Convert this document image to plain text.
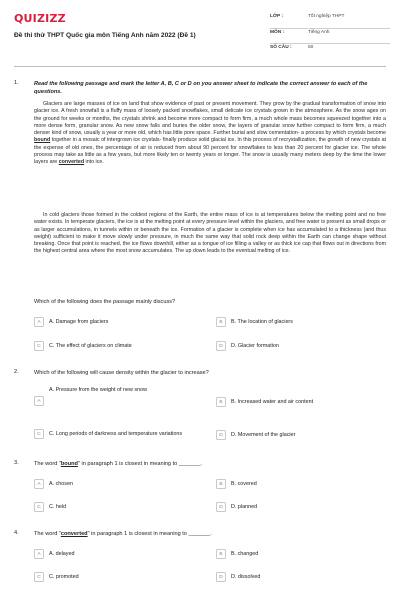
QUIZIZZ
Đề thi thử THPT Quốc gia môn Tiếng Anh năm 2022 (Đề 1)
LỚP :	Tốt nghiệp THPT
MÔN :	Tiếng Anh
SỐ CÂU :	50
1.	Read the following passage and mark the letter A, B, C or D on you answer sheet to indicate the correct answer to each of the questions.
Glaciers are large masses of ice on land that show evidence of past or present movement. They grow by the gradual transformation of snow into glacier ice. A fresh snowfall is a fluffy mass of loosely packed snowflakes, small delicate ice crystals grown in the atmosphere. As the snow ages on the ground for weeks or months, the crystals shrink and become more compact to form firm, a much whole mass becomes squeezed together into a more dense form, granular snow. As new snow falls and buries the older snow, the layers of granular snow further compact to form firm, a much denser kind of snow, usually a year or more old, which has little pore space. Further burial and slow cementation- a process by which crystals become bound together in a mosaic of intergrown ice crystals- finally produce solid glacial ice. In this process of recrystallization, the growth of new crystals at the expense of old ones, the percentage of air is reduced from about 90 percent for snowflakes to less than 20 percent for glacier ice. The whole process may take as little as a few years, but more likely ten or twenty years or longer. The snow is usually many meters deep by the time the lower layers are converted into ice.
In cold glaciers those formed in the coldest regions of the Earth, the entire mass of ice is at temperatures below the melting point and no free water exists. In temperate glaciers, the ice is at the melting point at every pressure level within the glaciers, and free water is present as small drops or as larger accumulations, in tunnels within or beneath the ice. Formation of a glacier is complete when ice has accumulated to a thickness (and thus weight) sufficient to make it move slowly under pressure, in much the same way that solid rock deep within the Earth can change shape without breaking. Once that point is reached, the ice flows downhill, either as a tongue of ice filling a valley or as thick ice cap that flows out in directions from the highest central area where the most snow accumulates. The up down leads to the eventual melting of ice.
Which of the following does the passage mainly discuss?
A	A. Damage from glaciers	B	B. The location of glaciers
C	C. The effect of glaciers on climate	D	D. Glacier formation
2.	Which of the following will cause density within the glacier to increase?
A
A. Pressure from the weight of new snow
B	B. Increased water and air content
C	C. Long periods of darkness and temperature variations	D	D. Movement of the glacier
3.	The word "bound" in paragraph 1 is closest in meaning to _______.
A	A. chosen	B	B. covered
C	C. held	D	D. planned
4.	The word "converted" in paragraph 1 is closest in meaning to _______.
A	A. delayed	B	B. changed
C	C. promoted	D	D. dissolved
